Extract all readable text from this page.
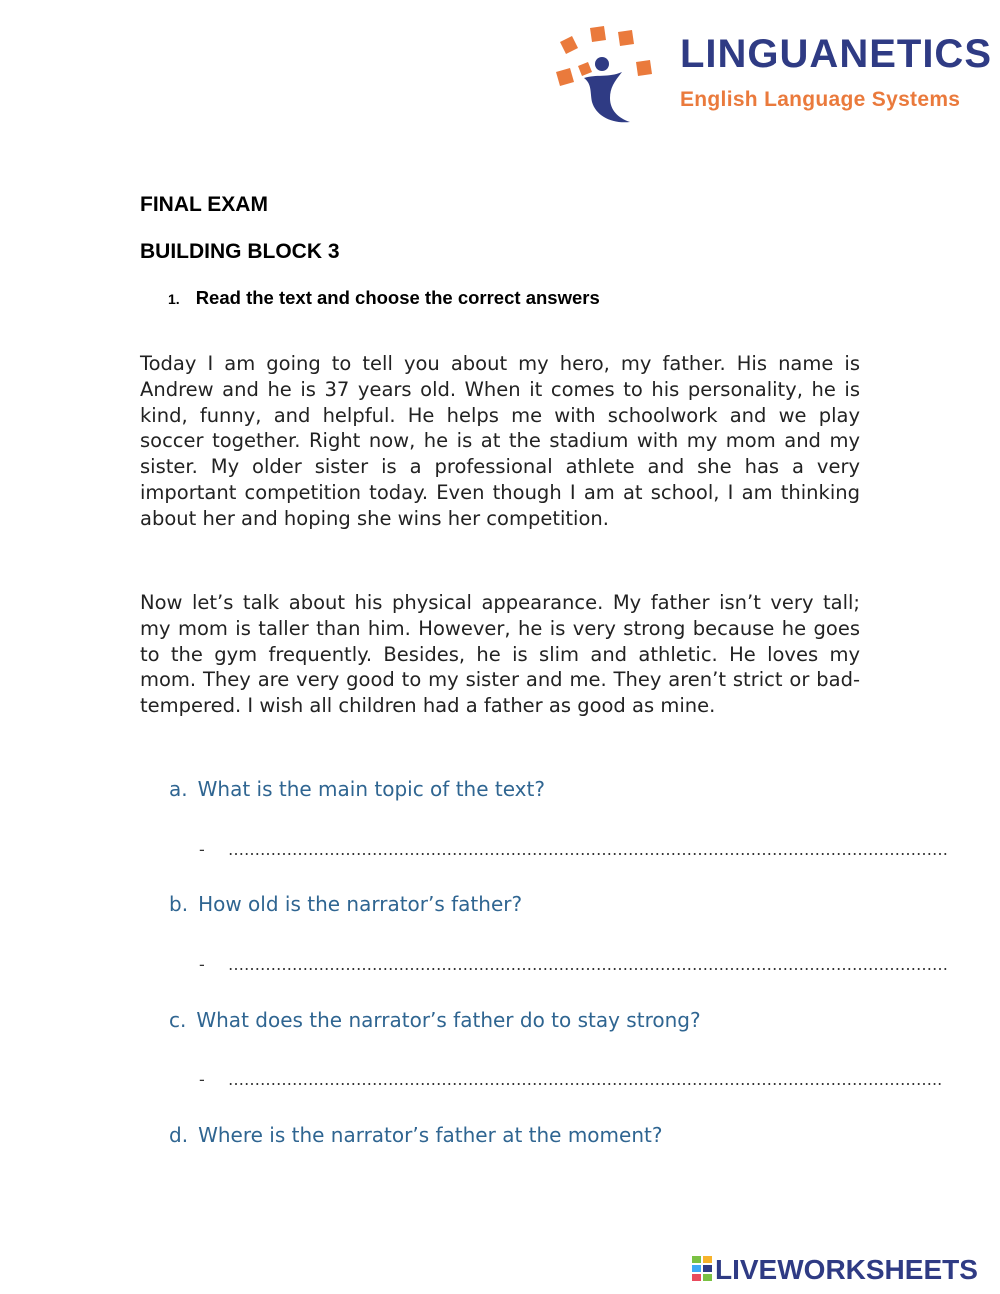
LINGUANETICS
English Language Systems
FINAL EXAM
BUILDING BLOCK 3
1. Read the text and choose the correct answers

Today I am going to tell you about my hero, my father. His name is Andrew and he is 37 years old. When it comes to his personality, he is kind, funny, and helpful. He helps me with schoolwork and we play soccer together. Right now, he is at the stadium with my mom and my sister. My older sister is a professional athlete and she has a very important competition today. Even though I am at school, I am thinking about her and hoping she wins her competition.

Now let’s talk about his physical appearance. My father isn’t very tall; my mom is taller than him. However, he is very strong because he goes to the gym frequently. Besides, he is slim and athletic. He loves my mom. They are very good to my sister and me. They aren’t strict or bad-tempered. I wish all children had a father as good as mine.

a. What is the main topic of the text?
- ………………………………………………………………………………………………………………………
b. How old is the narrator’s father?
- ………………………………………………………………………………………………………………………
c. What does the narrator’s father do to stay strong?
- ……………………………………………………………………………………………………………………..
d. Where is the narrator’s father at the moment?
LIVEWORKSHEETS
